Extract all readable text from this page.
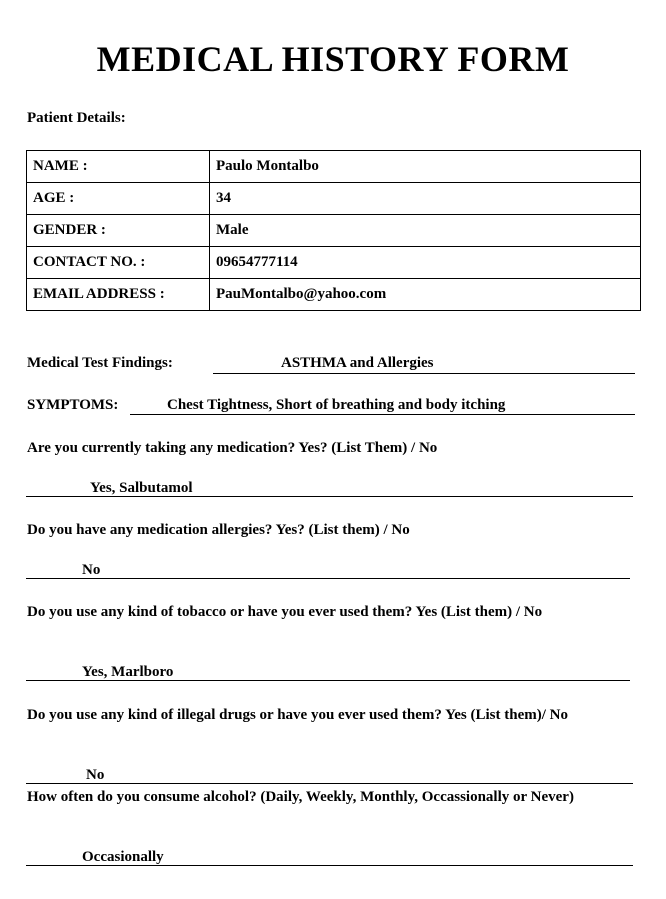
MEDICAL HISTORY FORM
Patient Details:
NAME :	Paulo Montalbo
AGE :	34
GENDER :	Male
CONTACT NO. :	09654777114
EMAIL ADDRESS :	PauMontalbo@yahoo.com
Medical Test Findings:	ASTHMA and Allergies
SYMPTOMS:	Chest Tightness, Short of breathing and body itching
Are you currently taking any medication? Yes? (List Them) / No
Yes, Salbutamol
Do you have any medication allergies? Yes? (List them) / No
No
Do you use any kind of tobacco or have you ever used them? Yes (List them) / No
Yes, Marlboro
Do you use any kind of illegal drugs or have you ever used them? Yes (List them)/ No
No
How often do you consume alcohol? (Daily, Weekly, Monthly, Occassionally or Never)
Occasionally
